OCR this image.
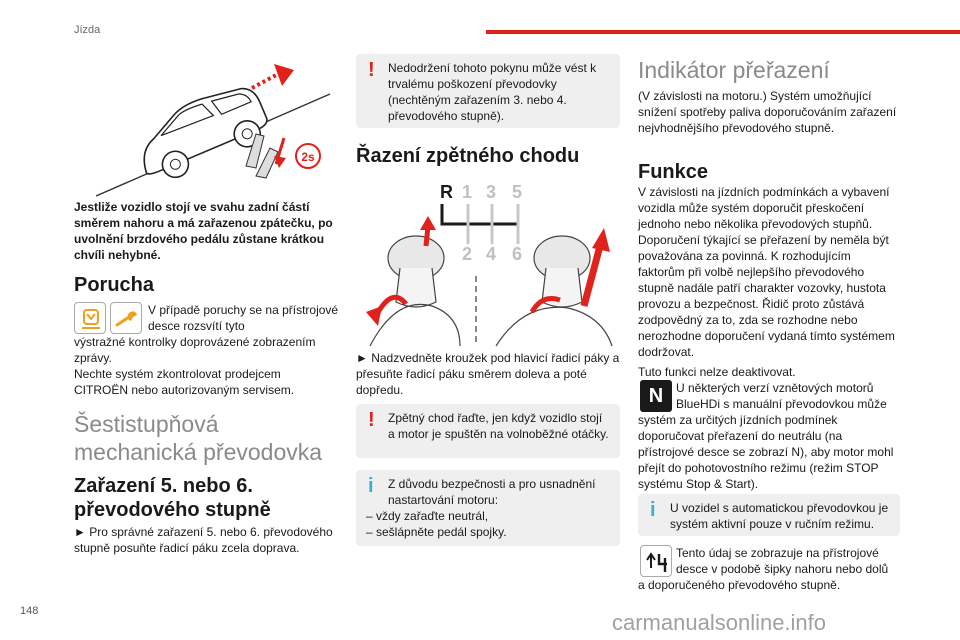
Jízda
2s
Jestliže vozidlo stojí ve svahu zadní částí směrem nahoru a má zařazenou zpátečku, po uvolnění brzdového pedálu zůstane krátkou chvíli nehybné.
Porucha
V případě poruchy se na přístrojové desce rozsvítí tyto
výstražné kontrolky doprovázené zobrazením zprávy.
Nechte systém zkontrolovat prodejcem CITROËN nebo autorizovaným servisem.
Šestistupňová mechanická převodovka
Zařazení 5. nebo 6. převodového stupně
► Pro správné zařazení 5. nebo 6. převodového stupně posuňte řadicí páku zcela doprava.
!	Nedodržení tohoto pokynu může vést k trvalému poškození převodovky (nechtěným zařazením 3. nebo 4. převodového stupně).
Řazení zpětného chodu
R 1 3 5
2 4 6
► Nadzvedněte kroužek pod hlavicí řadicí páky a přesuňte řadicí páku směrem doleva a poté dopředu.
!	Zpětný chod řaďte, jen když vozidlo stojí a motor je spuštěn na volnoběžné otáčky.
i	Z důvodu bezpečnosti a pro usnadnění nastartování motoru:
– vždy zařaďte neutrál,
– sešlápněte pedál spojky.
Indikátor přeřazení
(V závislosti na motoru.) Systém umožňující snížení spotřeby paliva doporučováním zařazení nejvhodnějšího převodového stupně.
Funkce
V závislosti na jízdních podmínkách a vybavení vozidla může systém doporučit přeskočení jednoho nebo několika převodových stupňů. Doporučení týkající se přeřazení by neměla být považována za povinná. K rozhodujícím faktorům při volbě nejlepšího převodového stupně nadále patří charakter vozovky, hustota provozu a bezpečnost. Řidič proto zůstává zodpovědný za to, zda se rozhodne nebo nerozhodne doporučení vydaná tímto systémem dodržovat.
Tuto funkci nelze deaktivovat.
N	U některých verzí vznětových motorů BlueHDi s manuální převodovkou může
systém za určitých jízdních podmínek doporučovat přeřazení do neutrálu (na přístrojové desce se zobrazí N), aby motor mohl přejít do pohotovostního režimu (režim STOP systému Stop & Start).
i	U vozidel s automatickou převodovkou je systém aktivní pouze v ručním režimu.
Tento údaj se zobrazuje na přístrojové desce v podobě šipky nahoru nebo dolů
a doporučeného převodového stupně.
148	carmanualsonline.info
